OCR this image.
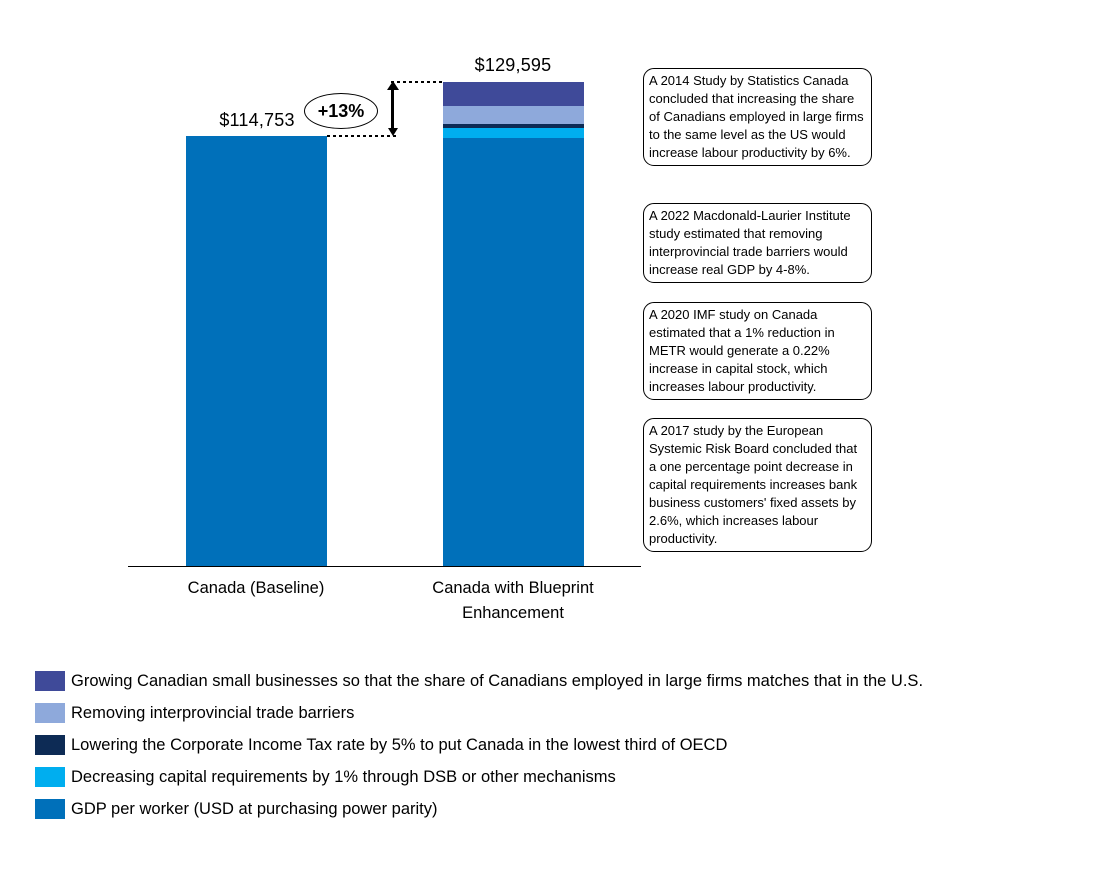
$114,753
$129,595
+13%
Canada (Baseline)	Canada with Blueprint Enhancement
A 2014 Study by Statistics Canada concluded that increasing the share of Canadians employed in large firms to the same level as the US would increase labour productivity by 6%.
A 2022 Macdonald-Laurier Institute study estimated that removing interprovincial trade barriers would increase real GDP by 4-8%.
A 2020 IMF study on Canada estimated that a 1% reduction in METR would generate a 0.22% increase in capital stock, which increases labour productivity.
A 2017 study by the European Systemic Risk Board concluded that a one percentage point decrease in capital requirements increases bank business customers' fixed assets by 2.6%, which increases labour productivity.
Growing Canadian small businesses so that the share of Canadians employed in large firms matches that in the U.S.
Removing interprovincial trade barriers
Lowering the Corporate Income Tax rate by 5% to put Canada in the lowest third of OECD
Decreasing capital requirements by 1% through DSB or other mechanisms
GDP per worker (USD at purchasing power parity)
